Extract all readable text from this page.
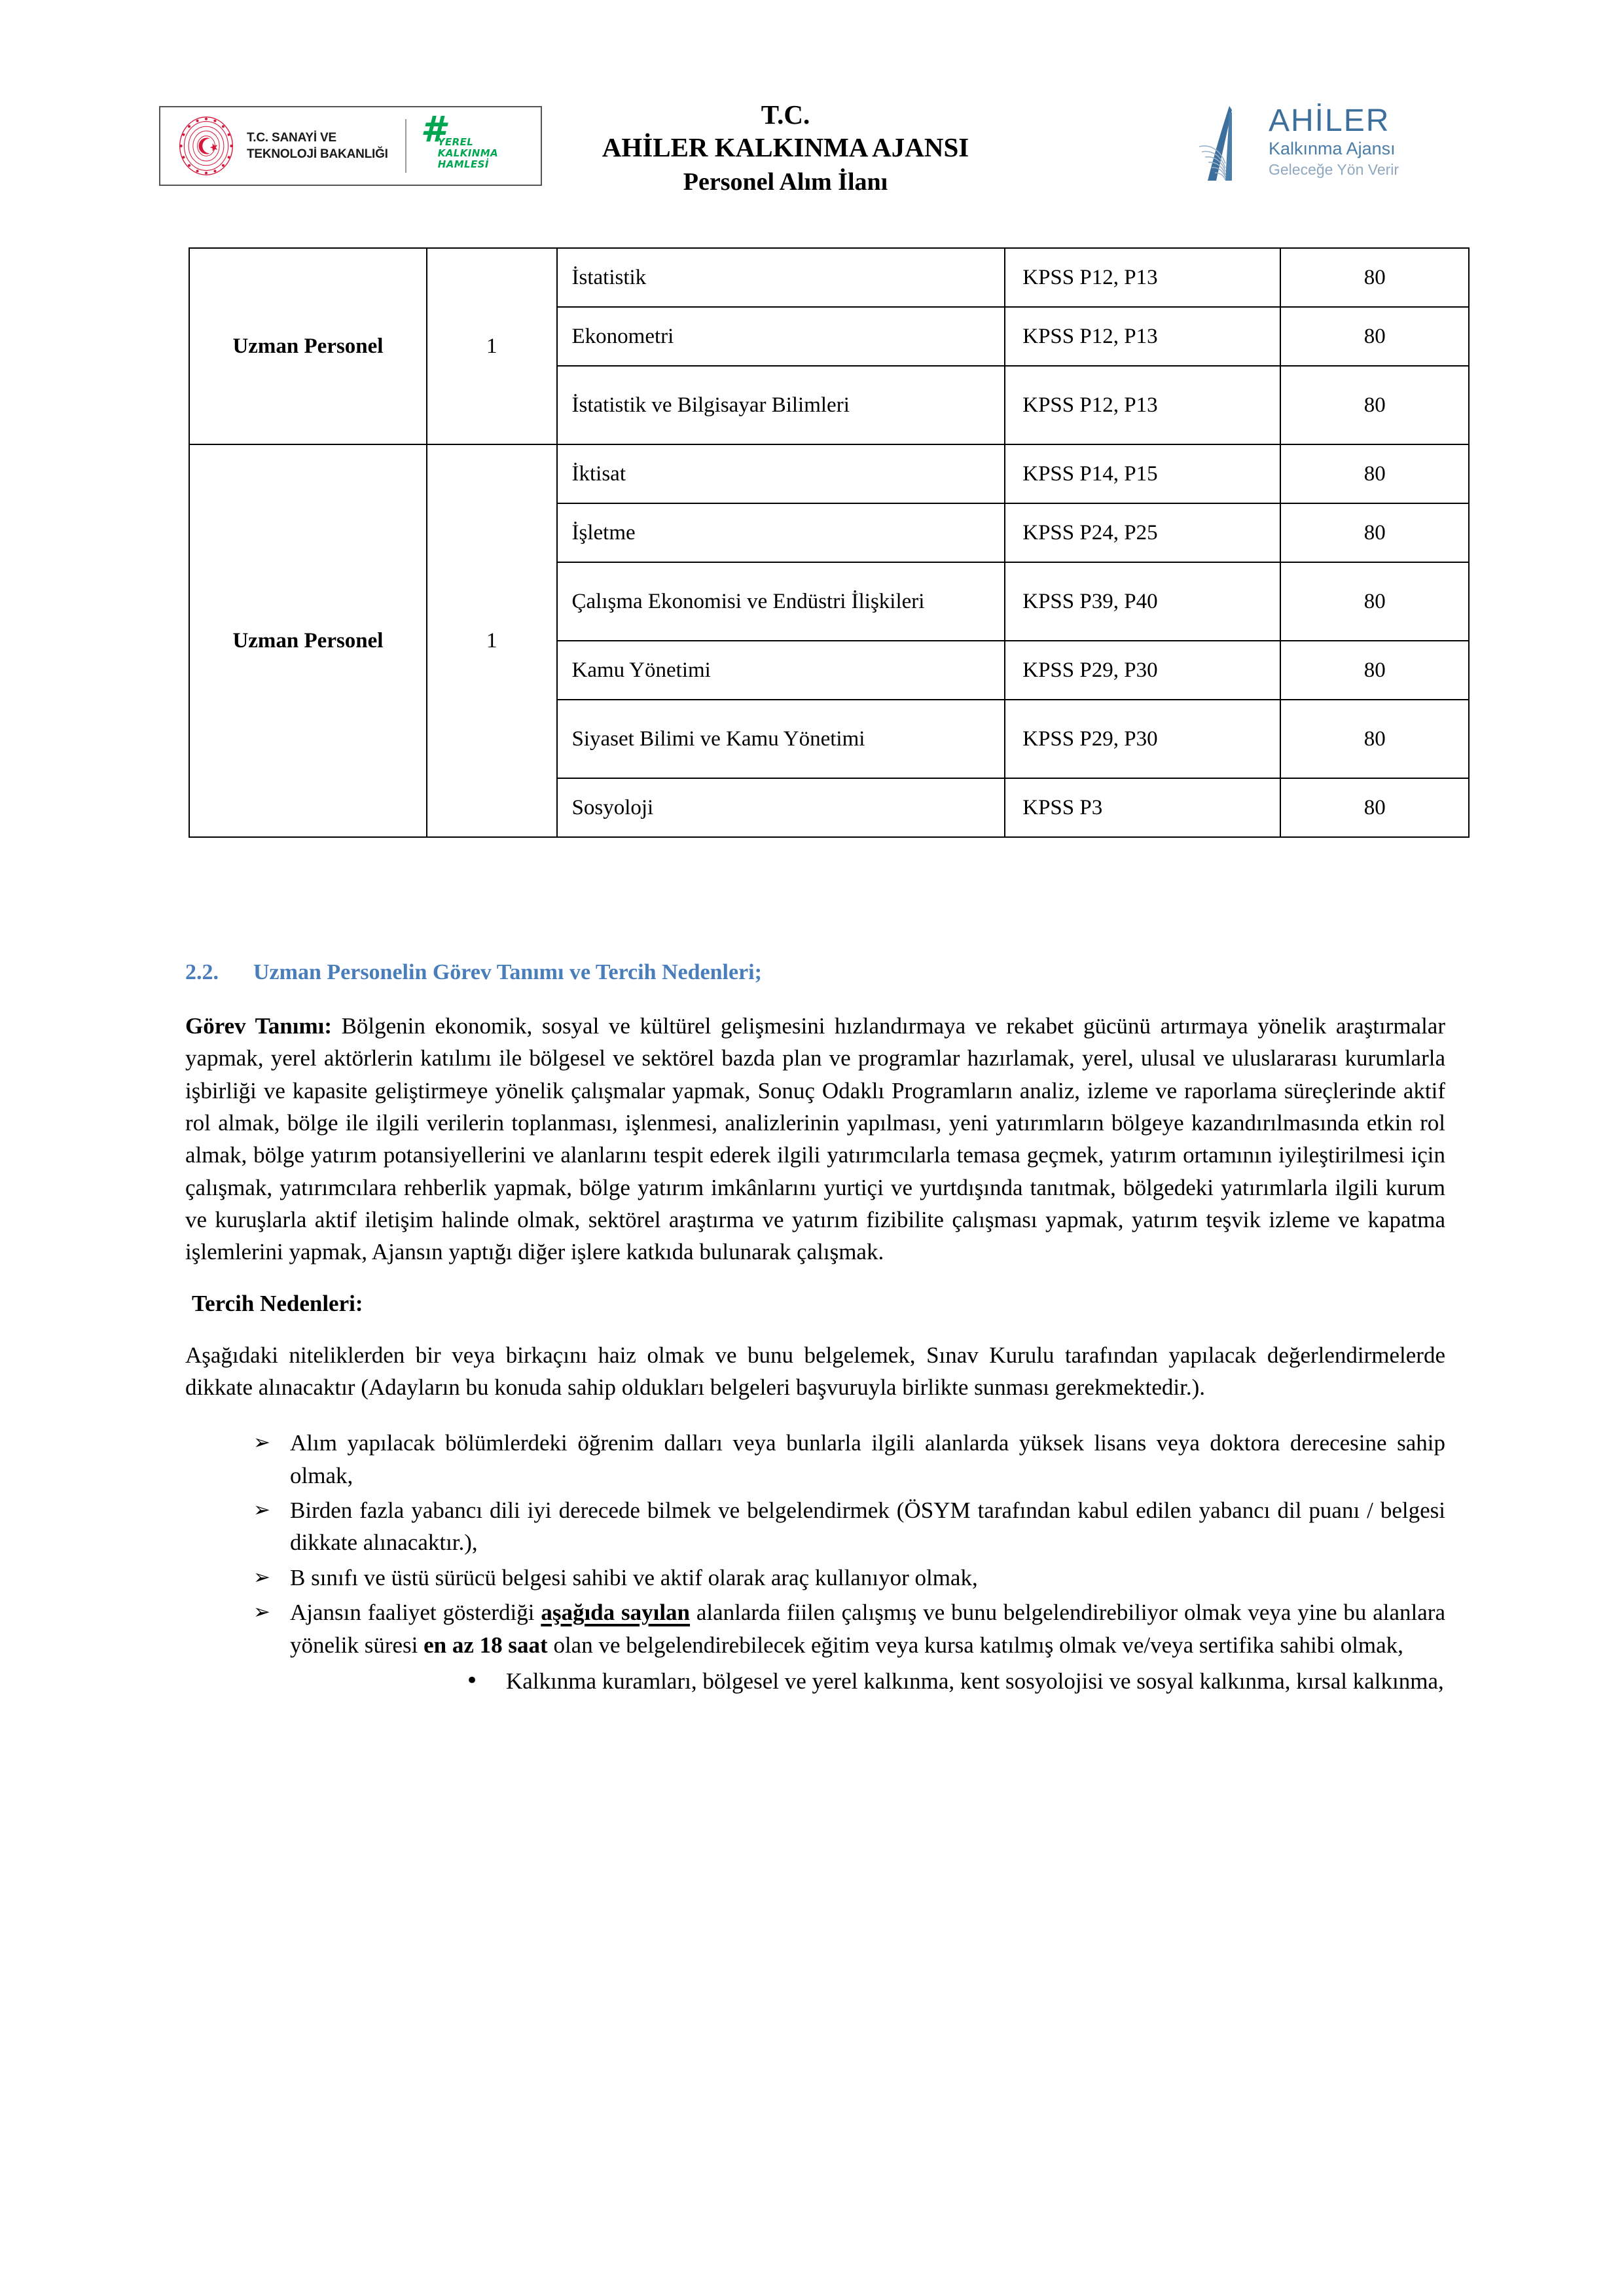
T.C. SANAYİ VE
TEKNOLOJİ BAKANLIĞI
#
YEREL
KALKINMA
HAMLESİ
T.C.
AHİLER KALKINMA AJANSI
Personel Alım İlanı
AHİLER
Kalkınma Ajansı
Geleceğe Yön Verir
Uzman Personel	1	İstatistik	KPSS P12, P13	80
		Ekonometri	KPSS P12, P13	80
		İstatistik ve Bilgisayar Bilimleri	KPSS P12, P13	80
Uzman Personel	1	İktisat	KPSS P14, P15	80
		İşletme	KPSS P24, P25	80
		Çalışma Ekonomisi ve Endüstri İlişkileri	KPSS P39, P40	80
		Kamu Yönetimi	KPSS P29, P30	80
		Siyaset Bilimi ve Kamu Yönetimi	KPSS P29, P30	80
		Sosyoloji	KPSS P3	80
2.2.	Uzman Personelin Görev Tanımı ve Tercih Nedenleri;

Görev Tanımı: Bölgenin ekonomik, sosyal ve kültürel gelişmesini hızlandırmaya ve rekabet gücünü artırmaya yönelik araştırmalar yapmak, yerel aktörlerin katılımı ile bölgesel ve sektörel bazda plan ve programlar hazırlamak, yerel, ulusal ve uluslararası kurumlarla işbirliği ve kapasite geliştirmeye yönelik çalışmalar yapmak, Sonuç Odaklı Programların analiz, izleme ve raporlama süreçlerinde aktif rol almak, bölge ile ilgili verilerin toplanması, işlenmesi, analizlerinin yapılması, yeni yatırımların bölgeye kazandırılmasında etkin rol almak, bölge yatırım potansiyellerini ve alanlarını tespit ederek ilgili yatırımcılarla temasa geçmek, yatırım ortamının iyileştirilmesi için çalışmak, yatırımcılara rehberlik yapmak, bölge yatırım imkânlarını yurtiçi ve yurtdışında tanıtmak, bölgedeki yatırımlarla ilgili kurum ve kuruşlarla aktif iletişim halinde olmak, sektörel araştırma ve yatırım fizibilite çalışması yapmak, yatırım teşvik izleme ve kapatma işlemlerini yapmak, Ajansın yaptığı diğer işlere katkıda bulunarak çalışmak.

Tercih Nedenleri:

Aşağıdaki niteliklerden bir veya birkaçını haiz olmak ve bunu belgelemek, Sınav Kurulu tarafından yapılacak değerlendirmelerde dikkate alınacaktır (Adayların bu konuda sahip oldukları belgeleri başvuruyla birlikte sunması gerekmektedir.).

➢ Alım yapılacak bölümlerdeki öğrenim dalları veya bunlarla ilgili alanlarda yüksek lisans veya doktora derecesine sahip olmak,
➢ Birden fazla yabancı dili iyi derecede bilmek ve belgelendirmek (ÖSYM tarafından kabul edilen yabancı dil puanı / belgesi dikkate alınacaktır.),
➢ B sınıfı ve üstü sürücü belgesi sahibi ve aktif olarak araç kullanıyor olmak,
➢ Ajansın faaliyet gösterdiği aşağıda sayılan alanlarda fiilen çalışmış ve bunu belgelendirebiliyor olmak veya yine bu alanlara yönelik süresi en az 18 saat olan ve belgelendirebilecek eğitim veya kursa katılmış olmak ve/veya sertifika sahibi olmak,
• Kalkınma kuramları, bölgesel ve yerel kalkınma, kent sosyolojisi ve sosyal kalkınma, kırsal kalkınma,
